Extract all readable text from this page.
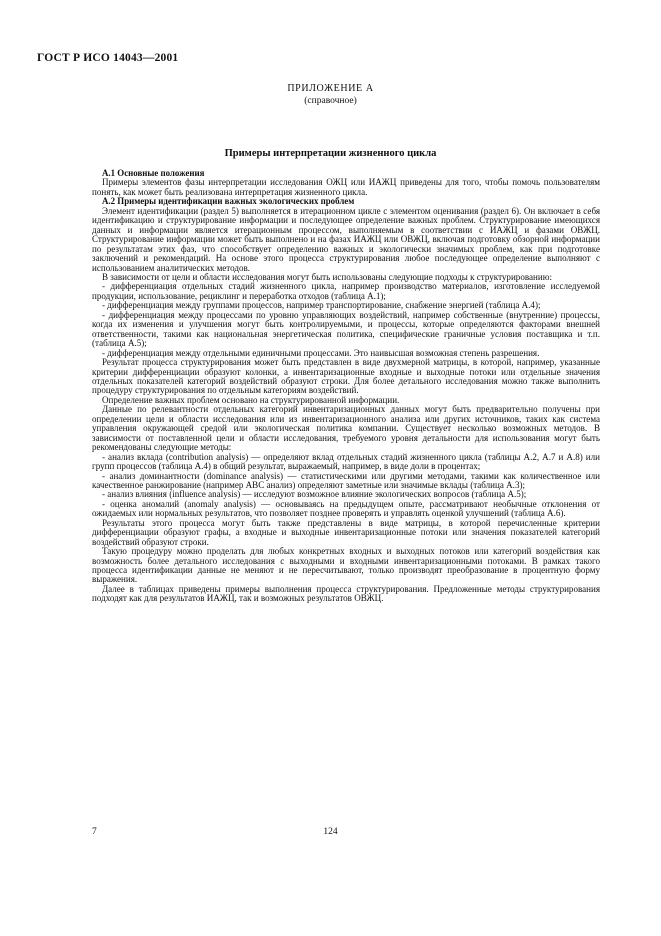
ГОСТ Р ИСО 14043—2001
ПРИЛОЖЕНИЕ А
(справочное)
Примеры интерпретации жизненного цикла

А.1 Основные положения

Примеры элементов фазы интерпретации исследования ОЖЦ или ИАЖЦ приведены для того, чтобы помочь пользователям понять, как может быть реализована интерпретация жизненного цикла.

А.2 Примеры идентификации важных экологических проблем

Элемент идентификации (раздел 5) выполняется в итерационном цикле с элементом оценивания (раздел 6). Он включает в себя идентификацию и структурирование информации и последующее определение важных проблем. Структурирование имеющихся данных и информации является итерационным процессом, выполняемым в соответствии с ИАЖЦ и фазами ОВЖЦ. Структурирование информации может быть выполнено и на фазах ИАЖЦ или ОВЖЦ, включая подготовку обзорной информации по результатам этих фаз, что способствует определению важных и экологически значимых проблем, как при подготовке заключений и рекомендаций. На основе этого процесса структурирования любое последующее определение выполняют с использованием аналитических методов.

В зависимости от цели и области исследования могут быть использованы следующие подходы к структурированию:

- дифференциация отдельных стадий жизненного цикла, например производство материалов, изготовление исследуемой продукции, использование, рециклинг и переработка отходов (таблица А.1);

- дифференциация между группами процессов, например транспортирование, снабжение энергией (таблица А.4);

- дифференциация между процессами по уровню управляющих воздействий, например собственные (внутренние) процессы, когда их изменения и улучшения могут быть контролируемыми, и процессы, которые определяются факторами внешней ответственности, такими как национальная энергетическая политика, специфические граничные условия поставщика и т.п. (таблица А.5);

- дифференциация между отдельными единичными процессами. Это наивысшая возможная степень разрешения.

Результат процесса структурирования может быть представлен в виде двухмерной матрицы, в которой, например, указанные критерии дифференциации образуют колонки, а инвентаризационные входные и выходные потоки или отдельные значения отдельных показателей категорий воздействий образуют строки. Для более детального исследования можно также выполнить процедуру структурирования по отдельным категориям воздействий.

Определение важных проблем основано на структурированной информации.

Данные по релевантности отдельных категорий инвентаризационных данных могут быть предварительно получены при определении цели и области исследования или из инвентаризационного анализа или других источников, таких как система управления окружающей средой или экологическая политика компании. Существует несколько возможных методов. В зависимости от поставленной цели и области исследования, требуемого уровня детальности для использования могут быть рекомендованы следующие методы:

- анализ вклада (contribution analysis) — определяют вклад отдельных стадий жизненного цикла (таблицы А.2, А.7 и А.8) или групп процессов (таблица А.4) в общий результат, выражаемый, например, в виде доли в процентах;

- анализ доминантности (dominance analysis) — статистическими или другими методами, такими как количественное или качественное ранжирование (например АВС анализ) определяют заметные или значимые вклады (таблица А.3);

- анализ влияния (influence analysis) — исследуют возможное влияние экологических вопросов (таблица А.5);

- оценка аномалий (anomaly analysis) — основываясь на предыдущем опыте, рассматривают необычные отклонения от ожидаемых или нормальных результатов, что позволяет позднее проверять и управлять оценкой улучшений (таблица А.6).

Результаты этого процесса могут быть также представлены в виде матрицы, в которой перечисленные критерии дифференциации образуют графы, а входные и выходные инвентаризационные потоки или значения показателей категорий воздействий образуют строки.

Такую процедуру можно проделать для любых конкретных входных и выходных потоков или категорий воздействия как возможность более детального исследования с выходными и входными инвентаризационными потоками. В рамках такого процесса идентификации данные не меняют и не пересчитывают, только производят преобразование в процентную форму выражения.

Далее в таблицах приведены примеры выполнения процесса структурирования. Предложенные методы структурирования подходят как для результатов ИАЖЦ, так и возможных результатов ОВЖЦ.

7	124
